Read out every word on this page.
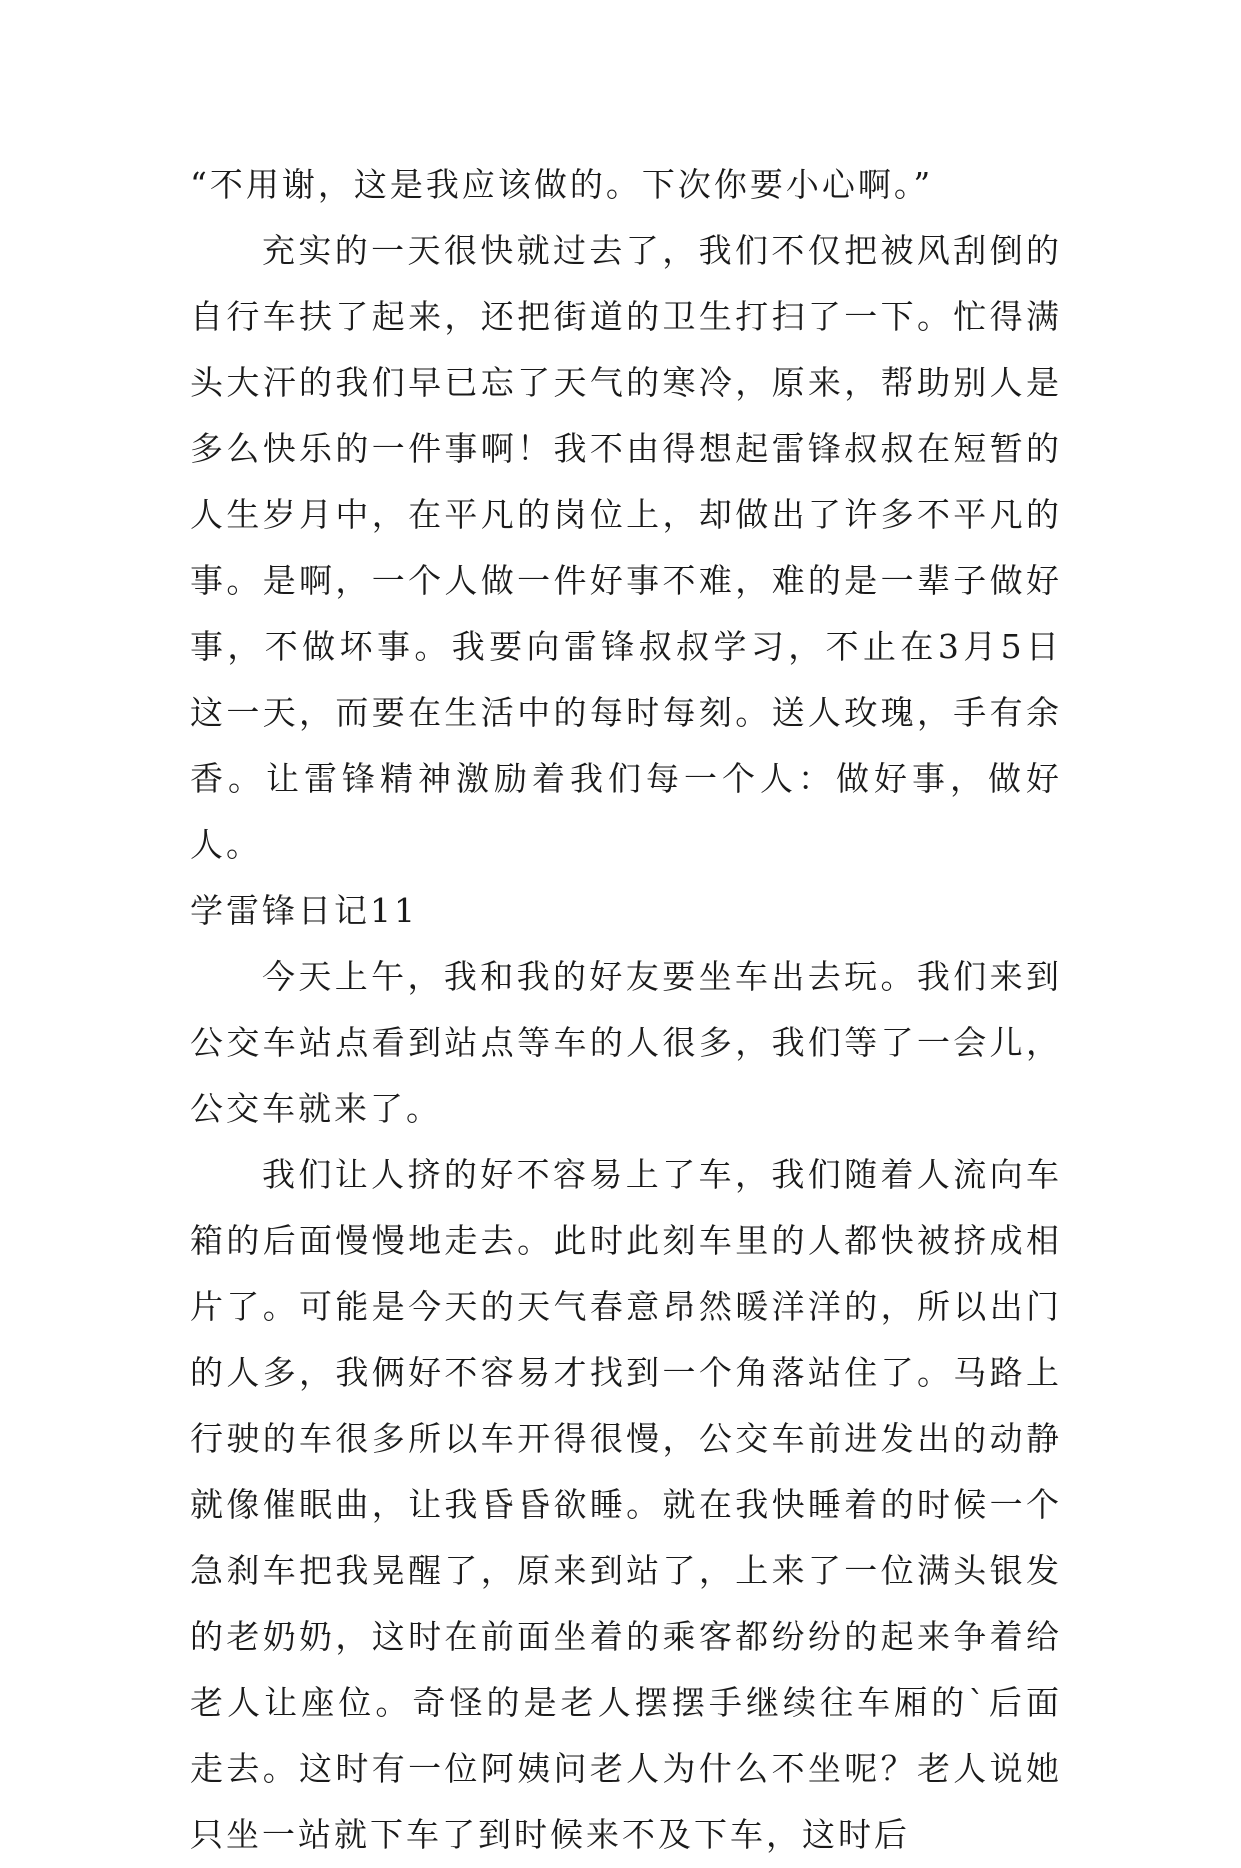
“不用谢，这是我应该做的。下次你要小心啊。”

充实的一天很快就过去了，我们不仅把被风刮倒的自行车扶了起来，还把街道的卫生打扫了一下。忙得满头大汗的我们早已忘了天气的寒冷，原来，帮助别人是多么快乐的一件事啊！我不由得想起雷锋叔叔在短暂的人生岁月中，在平凡的岗位上，却做出了许多不平凡的事。是啊，一个人做一件好事不难，难的是一辈子做好事，不做坏事。我要向雷锋叔叔学习，不止在3月5日这一天，而要在生活中的每时每刻。送人玫瑰，手有余香。让雷锋精神激励着我们每一个人：做好事，做好人。

学雷锋日记11

今天上午，我和我的好友要坐车出去玩。我们来到公交车站点看到站点等车的人很多，我们等了一会儿，公交车就来了。

我们让人挤的好不容易上了车，我们随着人流向车箱的后面慢慢地走去。此时此刻车里的人都快被挤成相片了。可能是今天的天气春意昂然暖洋洋的，所以出门的人多，我俩好不容易才找到一个角落站住了。马路上行驶的车很多所以车开得很慢，公交车前进发出的动静就像催眠曲，让我昏昏欲睡。就在我快睡着的时候一个急刹车把我晃醒了，原来到站了，上来了一位满头银发的老奶奶，这时在前面坐着的乘客都纷纷的起来争着给老人让座位。奇怪的是老人摆摆手继续往车厢的`后面走去。这时有一位阿姨问老人为什么不坐呢？老人说她只坐一站就下车了到时候来不及下车，这时后
